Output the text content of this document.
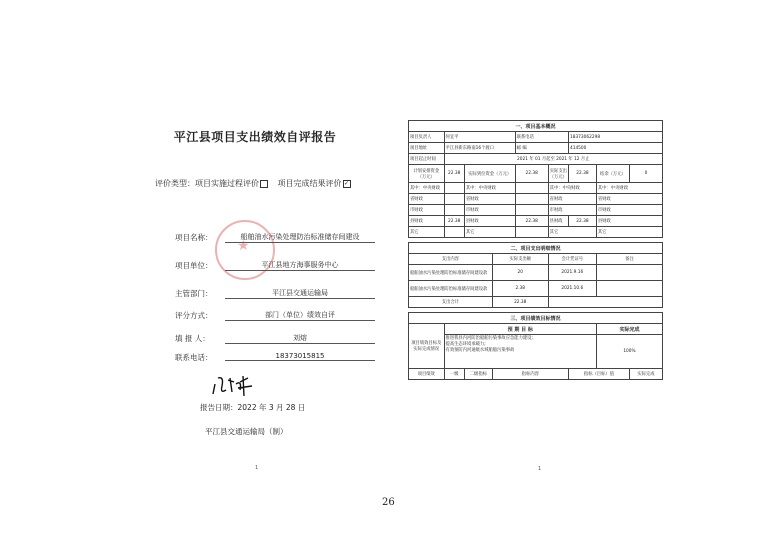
平江县项目支出绩效自评报告
评价类型：项目实施过程评价 项目完成结果评价 ✓
★
项目名称：	船舶油水污染处理防治标准储存间建设
项目单位：	平江县地方海事服务中心
主管部门：	平江县交通运输局
评分方式：	部门（单位）绩效自评
填 报 人：	刘熔
联系电话：	18373015815
报告日期：2022 年 3 月 28 日
平江县交通运输局（制）
1
一、项目基本概况								
项目负责人	何宜平			联系电话		18373062298		
项目地址	平江县新东路南16个渡口			邮 编		414500		
项目起止时间	2021 年 01 月起至 2021 年 12 月止							
计划安排资金（万元）	22.38	实际到位资金（万元）		22.38	实际支出（万元）	22.38	结余（万元）	0
其中：中央财政		其中：中央财政			其中：中央财政		其中：中央财政	
省财政		省财政			省财政		省财政	
市财政		市财政			市财政		市财政	
县财政	22.38	县财政		22.38	县财政	22.38	县财政	
其它		其它			其它		其它	

二、项目支出明细情况								
支出内容			实际支出额		会计凭证号		备注	
船舶油水污染处理防治标准储存间建设款			20		2021.9.16			
船舶油水污染处理防治标准储存间建设款			2.38		2021.10.6			
支出合计			22.38					

三、项目绩效目标情况								
项目绩效目标及实际完成情况	预 期 目 标						实际完成	

	推进我县内河防治船舶污染事故应急能力建设;
提高生态环境承载力;
有效预防内河通航水域船舶污染事故						100%	
项目绩效	一级	二级指标	指标内容			指标（目标）值		实际完成
1
26
